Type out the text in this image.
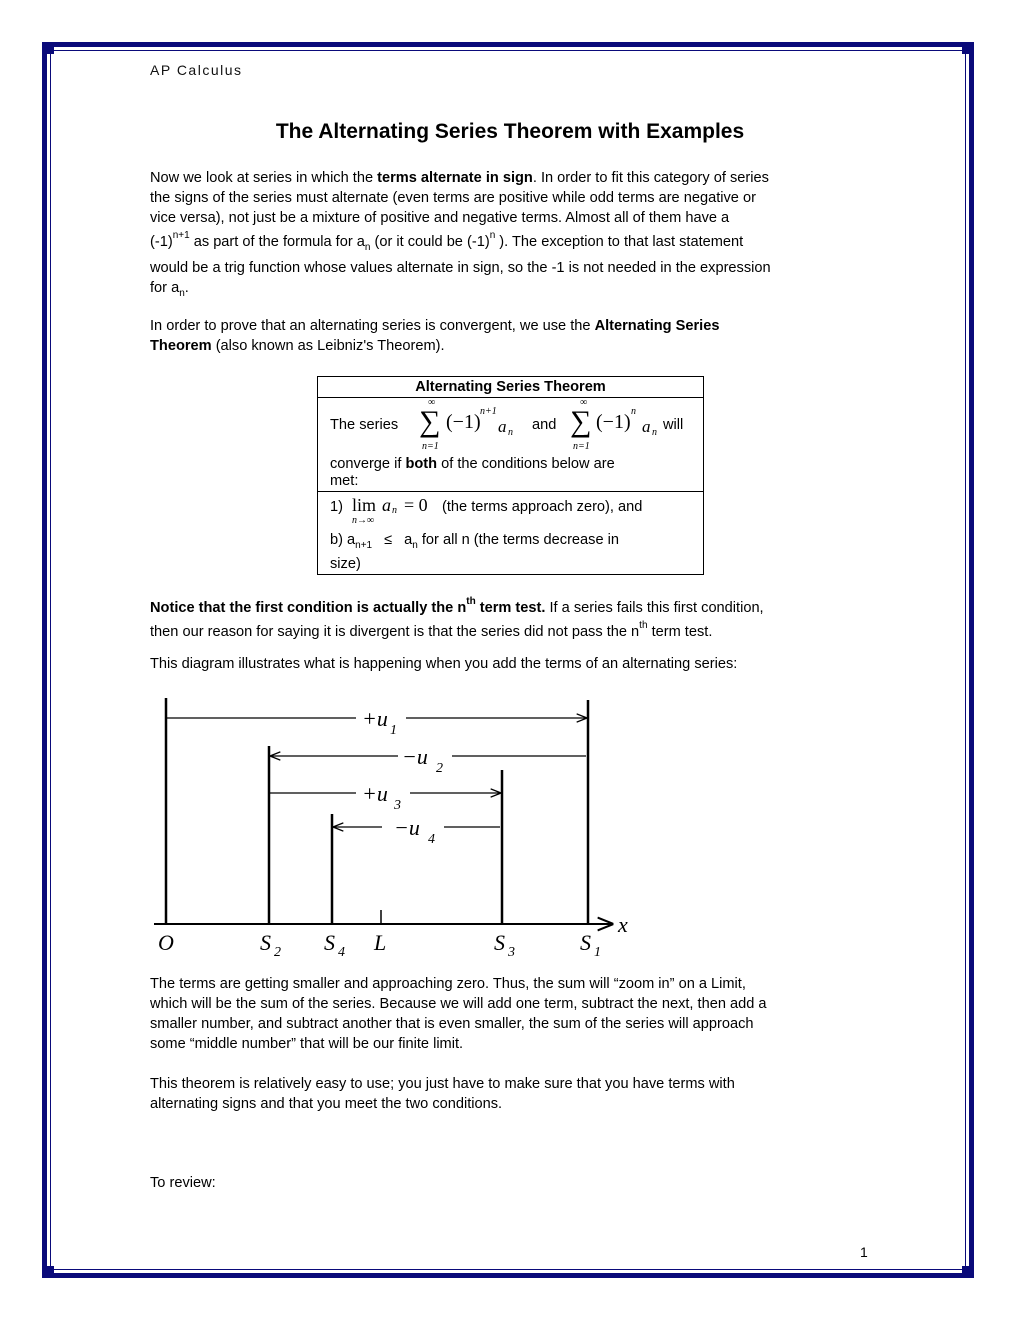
AP Calculus
The Alternating Series Theorem with Examples
Now we look at series in which the terms alternate in sign. In order to fit this category of series
the signs of the series must alternate (even terms are positive while odd terms are negative or
vice versa), not just be a mixture of positive and negative terms. Almost all of them have a
$(-1)^{n+1}$ as part of the formula for $a_n$ (or it could be $(-1)^n$ ). The exception to that last statement
would be a trig function whose values alternate in sign, so the -1 is not needed in the expression
for $a_n$.
In order to prove that an alternating series is convergent, we use the Alternating Series
Theorem (also known as Leibniz's Theorem).
Alternating Series Theorem
The series
∞
∑
n=1
(−1) n+1
a n and
∞
∑
n=1
(−1) n
a n will
converge if both of the conditions below are
met:
1) lim a n = 0
n→∞
(the terms approach zero), and
b) $a_{n+1} \le a_n$ for all n (the terms decrease in
size)
Notice that the first condition is actually the $n^{th}$ term test. If a series fails this first condition,
then our reason for saying it is divergent is that the series did not pass the $n^{th}$ term test.
This diagram illustrates what is happening when you add the terms of an alternating series:
+u 1
−u 2
+u 3
−u 4
O	S 2 S 4 L	S 3	S 1
x
The terms are getting smaller and approaching zero. Thus, the sum will “zoom in” on a Limit,
which will be the sum of the series. Because we will add one term, subtract the next, then add a
smaller number, and subtract another that is even smaller, the sum of the series will approach
some “middle number” that will be our finite limit.
This theorem is relatively easy to use; you just have to make sure that you have terms with
alternating signs and that you meet the two conditions.
To review:
1
